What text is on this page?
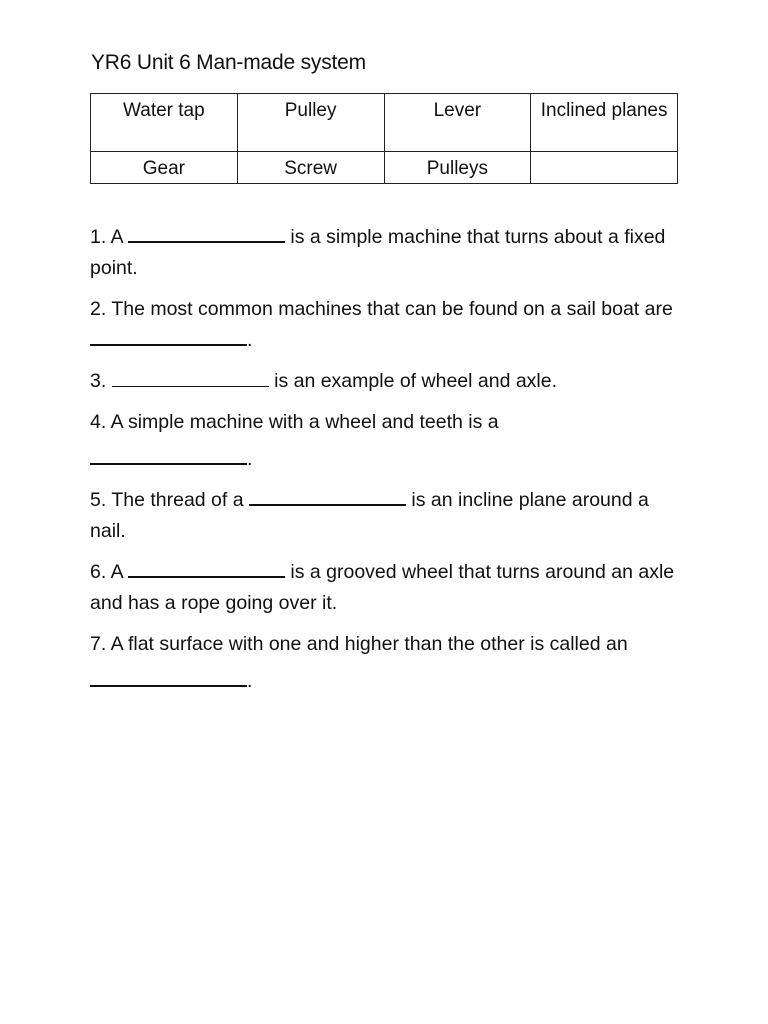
YR6 Unit 6 Man-made system
Water tap	Pulley	Lever	Inclined planes
Gear	Screw	Pulleys	

1. A	is a simple machine that turns about a fixed point.

2. The most common machines that can be found on a sail boat are .

3.	is an example of wheel and axle.

4. A simple machine with a wheel and teeth is a
.

5. The thread of a	is an incline plane around a nail.

6. A	is a grooved wheel that turns around an axle and has a rope going over it.

7. A flat surface with one and higher than the other is called an
.
